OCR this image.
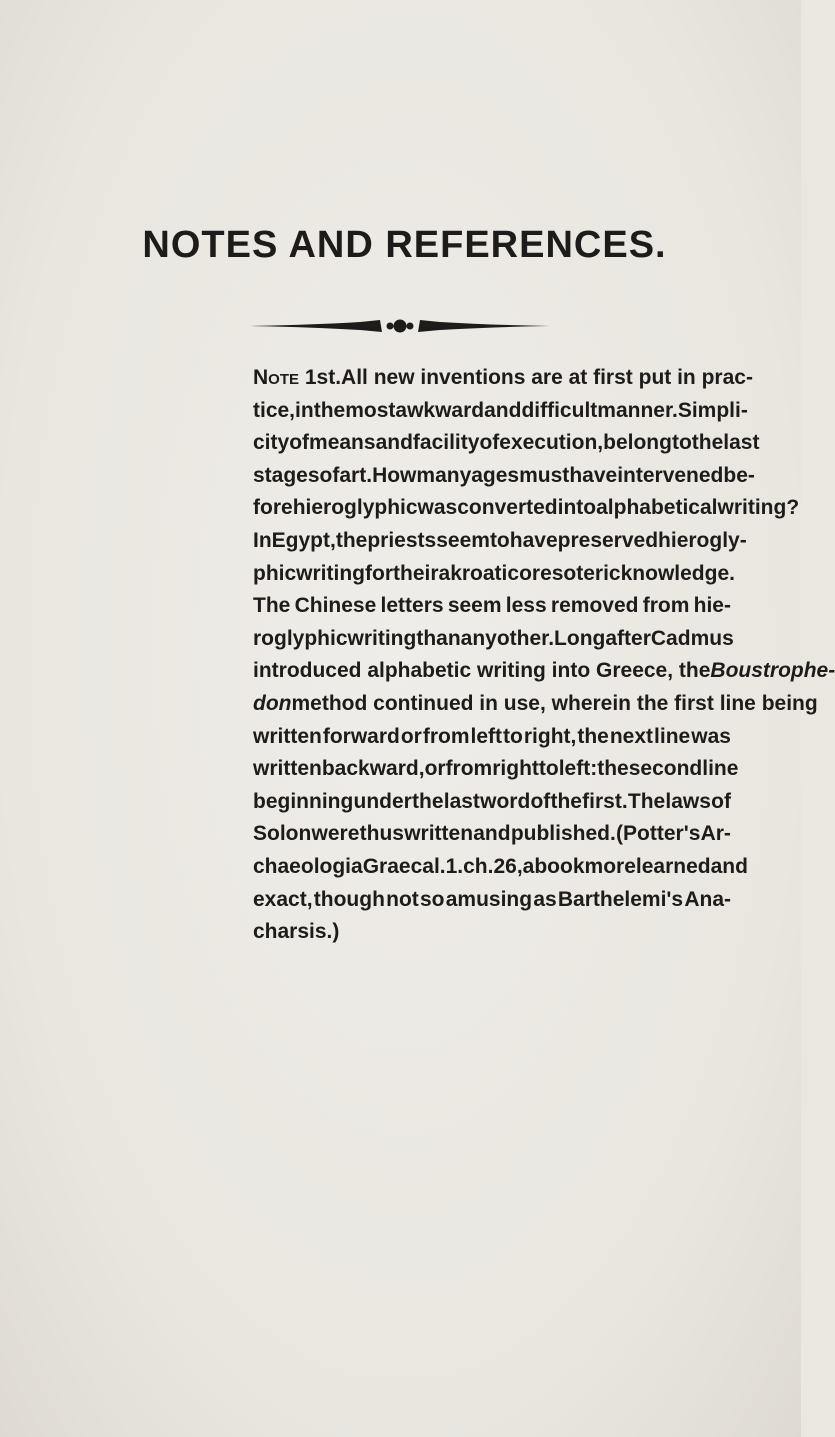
NOTES AND REFERENCES.
Note 1st. All new inventions are at first put in prac-
tice, in the most awkward and difficult manner. Simpli-
city of means and facility of execution, belong to the last
stages of art. How many ages must have intervened be-
fore hieroglyphic was converted into alphabetical writing?
In Egypt, the priests seem to have preserved hierogly-
phic writing for their akroatic or esoteric knowledge.
The Chinese letters seem less removed from hie-
roglyphic writing than any other. Long after Cadmus
introduced alphabetic writing into Greece, the Boustrophe-
don method continued in use, wherein the first line being
written forward or from left to right, the next line was
written backward, or from right to left: the second line
beginning under the last word of the first. The laws of
Solon were thus written and published. (Potter's Ar-
chaeologia Graeca l. 1. ch. 26, a book more learned and
exact, though not so amusing as Barthelemi's Ana-
charsis.)
